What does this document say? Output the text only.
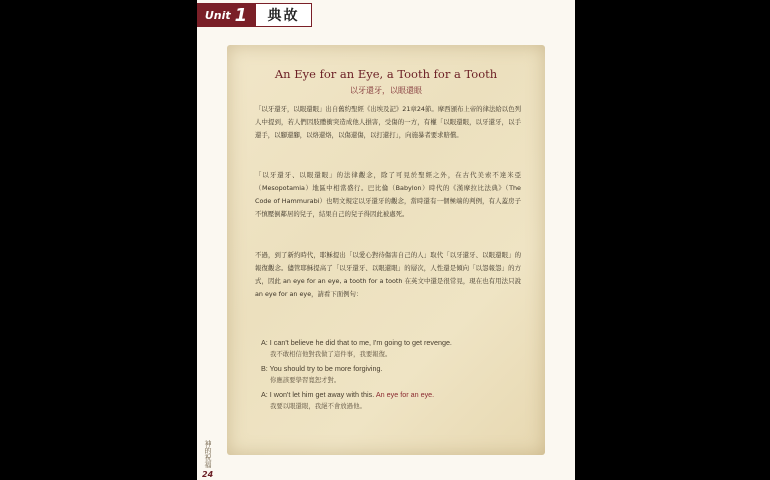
Unit 1	典故
An Eye for an Eye, a Tooth for a Tooth
以牙還牙，以眼還眼

「以牙還牙，以眼還眼」出自舊約聖經《出埃及記》21章24節。摩西頒布上帝的律法給以色列人中提到，若人們因肢體衝突造成他人損害，受傷的一方，有權「以眼還眼，以牙還牙，以手還手，以腳還腳，以烙還烙，以傷還傷，以打還打」，向施暴者要求賠償。

「以牙還牙、以眼還眼」的法律觀念，除了可見於聖經之外，在古代美索不達米亞（Mesopotamia）地區中相當盛行。巴比倫（Babylon）時代的《漢摩拉比法典》（The Code of Hammurabi）也明文規定以牙還牙的觀念，當時還有一個極端的判例，有人蓋房子不慎壓倒鄰居的兒子，結果自己的兒子得因此被處死。

不過，到了新約時代，耶穌提出「以愛心對待傷害自己的人」取代「以牙還牙、以眼還眼」的報復觀念。儘管耶穌提高了「以牙還牙、以眼還眼」的層次，人性還是傾向「以怨報怨」的方式，因此 an eye for an eye, a tooth for a tooth 在英文中還是很常見，現在也有用法只說 an eye for an eye，請看下面例句：

A: I can't believe he did that to me, I'm going to get revenge.

我不敢相信他對我做了這件事，我要報復。

B: You should try to be more forgiving.

你應該要學習寬恕才對。

A: I won't let him get away with this. An eye for an eye.

我要以眼還眼，我絕不會放過他。

神的祝福
24
